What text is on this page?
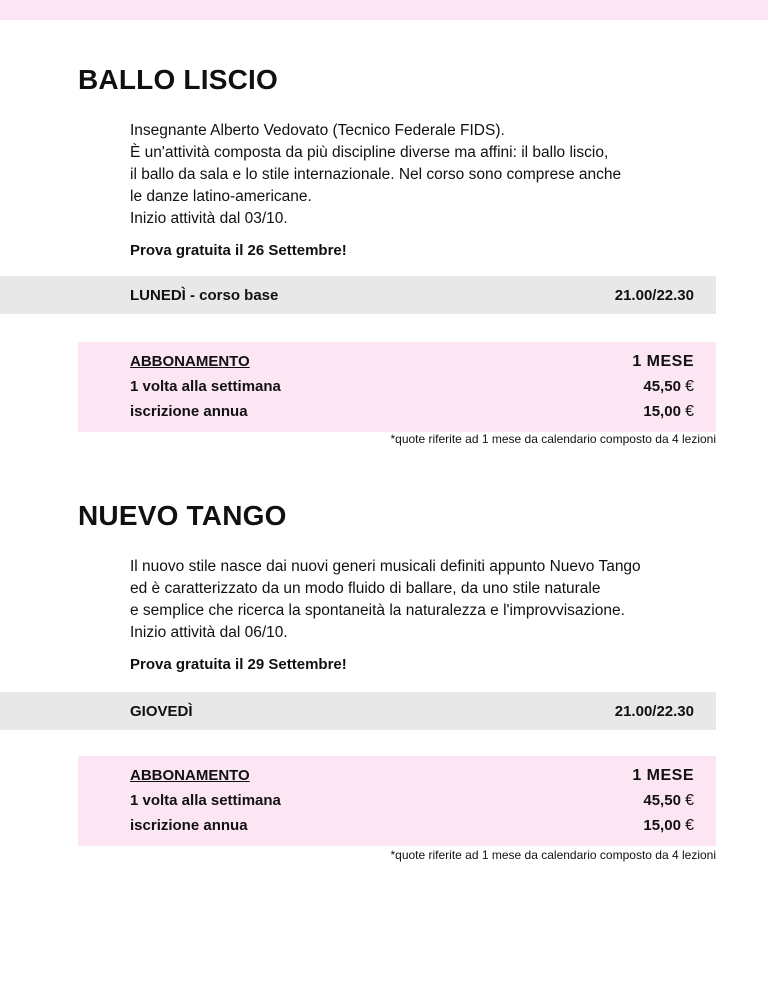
BALLO LISCIO
Insegnante Alberto Vedovato (Tecnico Federale FIDS).
È un'attività composta da più discipline diverse ma affini: il ballo liscio,
il ballo da sala e lo stile internazionale. Nel corso sono comprese anche
le danze latino-americane.
Inizio attività dal 03/10.
Prova gratuita il 26 Settembre!
LUNEDÌ - corso base	21.00/22.30
ABBONAMENTO	1 MESE
1 volta alla settimana	45,50 €
iscrizione annua	15,00 €
*quote riferite ad 1 mese da calendario composto da 4 lezioni
NUEVO TANGO
Il nuovo stile nasce dai nuovi generi musicali definiti appunto Nuevo Tango
ed è caratterizzato da un modo fluido di ballare, da uno stile naturale
e semplice che ricerca la spontaneità la naturalezza e l'improvvisazione.
Inizio attività dal 06/10.
Prova gratuita il 29 Settembre!
GIOVEDÌ	21.00/22.30
ABBONAMENTO	1 MESE
1 volta alla settimana	45,50 €
iscrizione annua	15,00 €
*quote riferite ad 1 mese da calendario composto da 4 lezioni
